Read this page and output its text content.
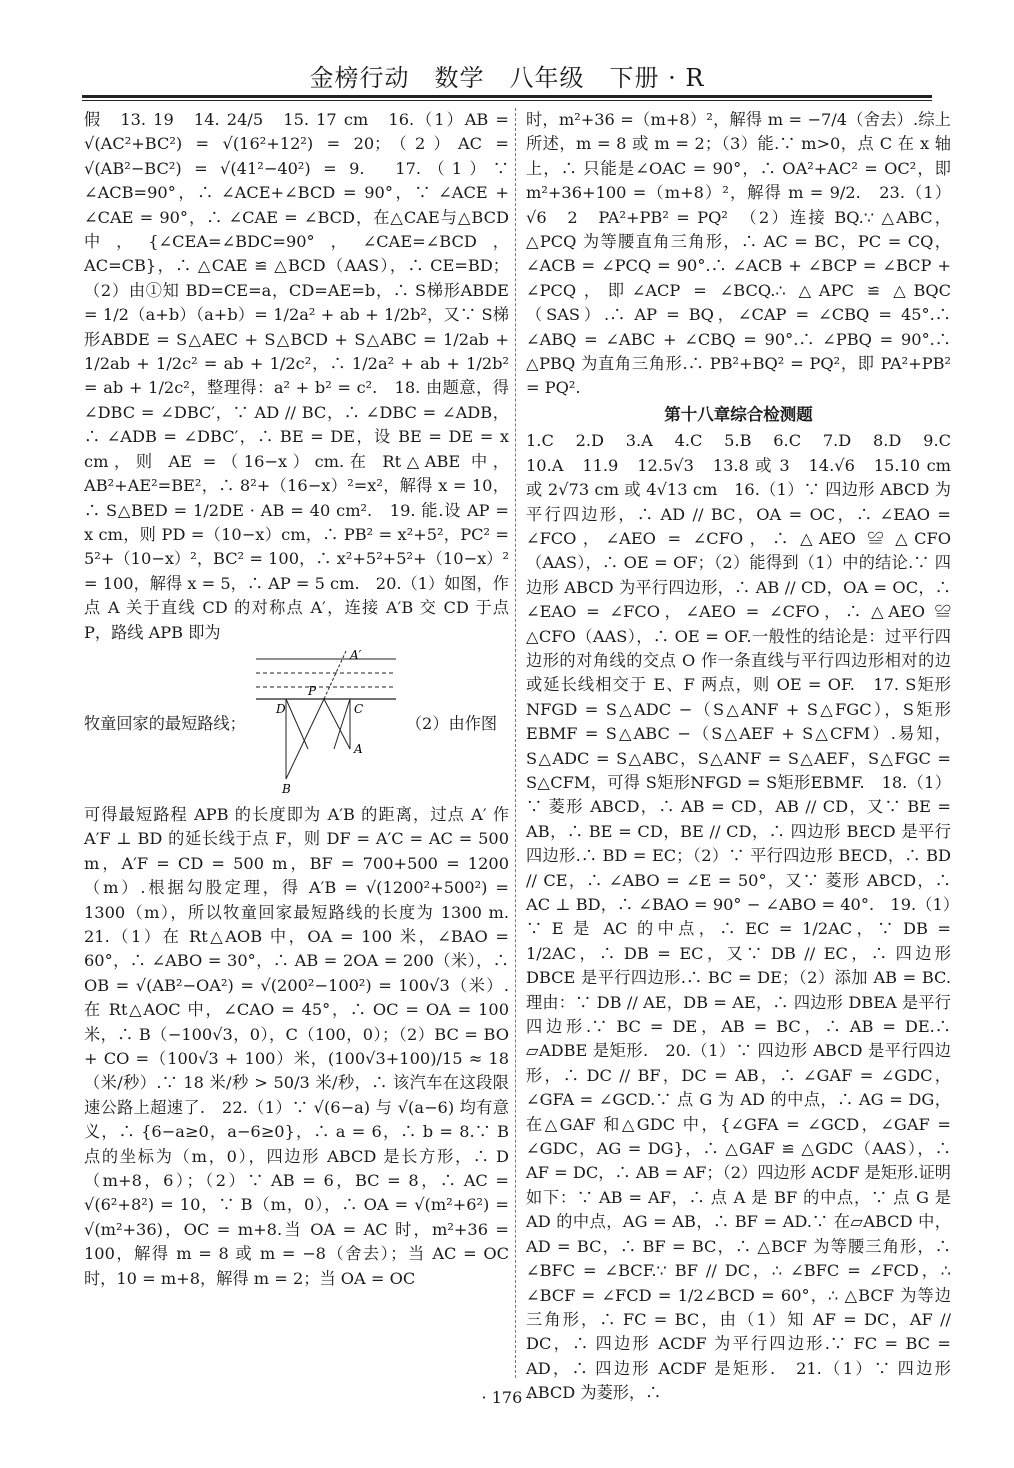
金榜行动　数学　八年级　下册 · R

假　13. 19　14. 24/5　15. 17 cm　16.（1）AB = √(AC²+BC²) = √(16²+12²) = 20；（2）AC = √(AB²−BC²) = √(41²−40²) = 9.　17.（1）∵ ∠ACB=90°，∴ ∠ACE+∠BCD = 90°，∵ ∠ACE + ∠CAE = 90°，∴ ∠CAE = ∠BCD，在△CAE与△BCD中，{∠CEA=∠BDC=90°，∠CAE=∠BCD，AC=CB}，∴ △CAE ≌ △BCD（AAS），∴ CE=BD；（2）由①知 BD=CE=a，CD=AE=b，∴ S梯形ABDE = 1/2（a+b）（a+b）= 1/2a² + ab + 1/2b²，又∵ S梯形ABDE = S△AEC + S△BCD + S△ABC = 1/2ab + 1/2ab + 1/2c² = ab + 1/2c²，∴ 1/2a² + ab + 1/2b² = ab + 1/2c²，整理得：a² + b² = c².　18. 由题意，得∠DBC = ∠DBC′，∵ AD // BC，∴ ∠DBC = ∠ADB，∴ ∠ADB = ∠DBC′，∴ BE = DE，设 BE = DE = x cm，则 AE =（16−x）cm.在 Rt△ABE 中，AB²+AE²=BE²，∴ 8²+（16−x）²=x²，解得 x = 10，∴ S△BED = 1/2DE · AB = 40 cm².　19. 能.设 AP = x cm，则 PD =（10−x）cm，∴ PB² = x²+5²，PC² = 5²+（10−x）²，BC² = 100，∴ x²+5²+5²+（10−x）² = 100，解得 x = 5，∴ AP = 5 cm.　20.（1）如图，作点 A 关于直线 CD 的对称点 A′，连接 A′B 交 CD 于点 P，路线 APB 即为

牧童回家的最短路线；
A′
P
D	C
A
B
（2）由作图

可得最短路程 APB 的长度即为 A′B 的距离，过点 A′ 作 A′F ⊥ BD 的延长线于点 F，则 DF = A′C = AC = 500 m，A′F = CD = 500 m，BF = 700+500 = 1200（m）.根据勾股定理，得 A′B = √(1200²+500²) = 1300（m），所以牧童回家最短路线的长度为 1300 m.　21.（1）在 Rt△AOB 中，OA = 100 米，∠BAO = 60°，∴ ∠ABO = 30°，∴ AB = 2OA = 200（米），∴ OB = √(AB²−OA²) = √(200²−100²) = 100√3（米）.在 Rt△AOC 中，∠CAO = 45°，∴ OC = OA = 100 米，∴ B（−100√3，0），C（100，0）；（2）BC = BO + CO =（100√3 + 100）米，(100√3+100)/15 ≈ 18（米/秒）.∵ 18 米/秒 > 50/3 米/秒，∴ 该汽车在这段限速公路上超速了.　22.（1）∵ √(6−a) 与 √(a−6) 均有意义，∴ {6−a≥0，a−6≥0}，∴ a = 6，∴ b = 8.∵ B 点的坐标为（m，0），四边形 ABCD 是长方形，∴ D（m+8，6）；（2）∵ AB = 6，BC = 8，∴ AC = √(6²+8²) = 10，∵ B（m，0），∴ OA = √(m²+6²) = √(m²+36)，OC = m+8.当 OA = AC 时，m²+36 = 100，解得 m = 8 或 m = −8（舍去）；当 AC = OC 时，10 = m+8，解得 m = 2；当 OA = OC

时，m²+36 =（m+8）²，解得 m = −7/4（舍去）.综上所述，m = 8 或 m = 2；（3）能.∵ m>0，点 C 在 x 轴上，∴ 只能是∠OAC = 90°，∴ OA²+AC² = OC²，即 m²+36+100 =（m+8）²，解得 m = 9/2.　23.（1）√6　2　PA²+PB² = PQ²　（2）连接 BQ.∵ △ABC，△PCQ 为等腰直角三角形，∴ AC = BC，PC = CQ，∠ACB = ∠PCQ = 90°.∴ ∠ACB + ∠BCP = ∠BCP + ∠PCQ，即∠ACP = ∠BCQ.∴ △APC ≌ △BQC（SAS）.∴ AP = BQ，∠CAP = ∠CBQ = 45°.∴ ∠ABQ = ∠ABC + ∠CBQ = 90°.∴ ∠PBQ = 90°.∴ △PBQ 为直角三角形.∴ PB²+BQ² = PQ²，即 PA²+PB² = PQ².

第十八章综合检测题

1.C　2.D　3.A　4.C　5.B　6.C　7.D　8.D　9.C　10.A　11.9　12.5√3　13.8 或 3　14.√6　15.10 cm 或 2√73 cm 或 4√13 cm　16.（1）∵ 四边形 ABCD 为平行四边形，∴ AD // BC，OA = OC，∴ ∠EAO = ∠FCO，∠AEO = ∠CFO，∴ △AEO ≌ △CFO（AAS），∴ OE = OF；（2）能得到（1）中的结论.∵ 四边形 ABCD 为平行四边形，∴ AB // CD，OA = OC，∴ ∠EAO = ∠FCO，∠AEO = ∠CFO，∴ △AEO ≌ △CFO（AAS），∴ OE = OF.一般性的结论是：过平行四边形的对角线的交点 O 作一条直线与平行四边形相对的边或延长线相交于 E、F 两点，则 OE = OF.　17. S矩形NFGD = S△ADC −（S△ANF + S△FGC），S矩形EBMF = S△ABC −（S△AEF + S△CFM）.易知，S△ADC = S△ABC，S△ANF = S△AEF，S△FGC = S△CFM，可得 S矩形NFGD = S矩形EBMF.　18.（1）∵ 菱形 ABCD，∴ AB = CD，AB // CD，又∵ BE = AB，∴ BE = CD，BE // CD，∴ 四边形 BECD 是平行四边形.∴ BD = EC；（2）∵ 平行四边形 BECD，∴ BD // CE，∴ ∠ABO = ∠E = 50°，又∵ 菱形 ABCD，∴ AC ⊥ BD，∴ ∠BAO = 90° − ∠ABO = 40°.　19.（1）∵ E 是 AC 的中点，∴ EC = 1/2AC，∵ DB = 1/2AC，∴ DB = EC，又∵ DB // EC，∴ 四边形 DBCE 是平行四边形.∴ BC = DE；（2）添加 AB = BC.理由：∵ DB // AE，DB = AE，∴ 四边形 DBEA 是平行四边形.∵ BC = DE，AB = BC，∴ AB = DE.∴ ▱ADBE 是矩形.　20.（1）∵ 四边形 ABCD 是平行四边形，∴ DC // BF，DC = AB，∴ ∠GAF = ∠GDC，∠GFA = ∠GCD.∵ 点 G 为 AD 的中点，∴ AG = DG，在△GAF 和△GDC 中，{∠GFA = ∠GCD，∠GAF = ∠GDC，AG = DG}，∴ △GAF ≌ △GDC（AAS），∴ AF = DC，∴ AB = AF；（2）四边形 ACDF 是矩形.证明如下：∵ AB = AF，∴ 点 A 是 BF 的中点，∵ 点 G 是 AD 的中点，AG = AB，∴ BF = AD.∵ 在▱ABCD 中，AD = BC，∴ BF = BC，∴ △BCF 为等腰三角形，∴ ∠BFC = ∠BCF.∵ BF // DC，∴ ∠BFC = ∠FCD，∴ ∠BCF = ∠FCD = 1/2∠BCD = 60°，∴ △BCF 为等边三角形，∴ FC = BC，由（1）知 AF = DC，AF // DC，∴ 四边形 ACDF 为平行四边形.∵ FC = BC = AD，∴ 四边形 ACDF 是矩形.　21.（1）∵ 四边形 ABCD 为菱形，∴

· 176 ·
